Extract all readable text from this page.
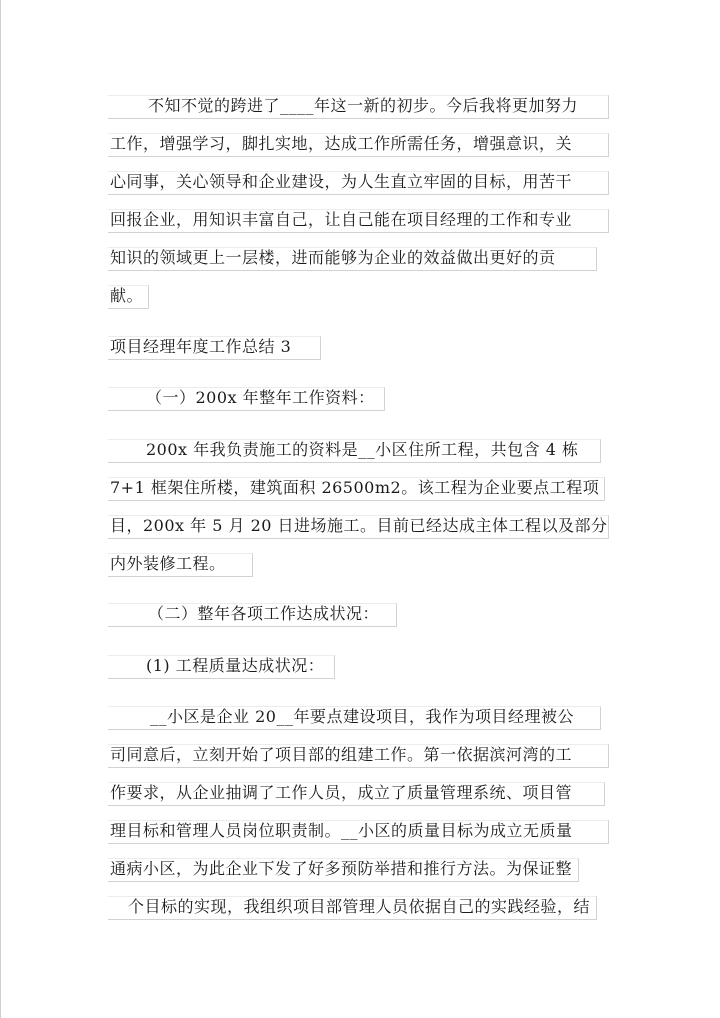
不知不觉的跨进了____年这一新的初步。今后我将更加努力
工作，增强学习，脚扎实地，达成工作所需任务，增强意识，关
心同事，关心领导和企业建设，为人生直立牢固的目标，用苦干
回报企业，用知识丰富自己，让自己能在项目经理的工作和专业
知识的领域更上一层楼，进而能够为企业的效益做出更好的贡
献。
项目经理年度工作总结 3
（一）200x 年整年工作资料：
200x 年我负责施工的资料是__小区住所工程，共包含 4 栋
7+1 框架住所楼，建筑面积 26500m2。该工程为企业要点工程项
目，200x 年 5 月 20 日进场施工。目前已经达成主体工程以及部分
内外装修工程。
（二）整年各项工作达成状况：
(1) 工程质量达成状况：
__小区是企业 20__年要点建设项目，我作为项目经理被公
司同意后，立刻开始了项目部的组建工作。第一依据滨河湾的工
作要求，从企业抽调了工作人员，成立了质量管理系统、项目管
理目标和管理人员岗位职责制。__小区的质量目标为成立无质量
通病小区，为此企业下发了好多预防举措和推行方法。为保证整
个目标的实现，我组织项目部管理人员依据自己的实践经验，结
